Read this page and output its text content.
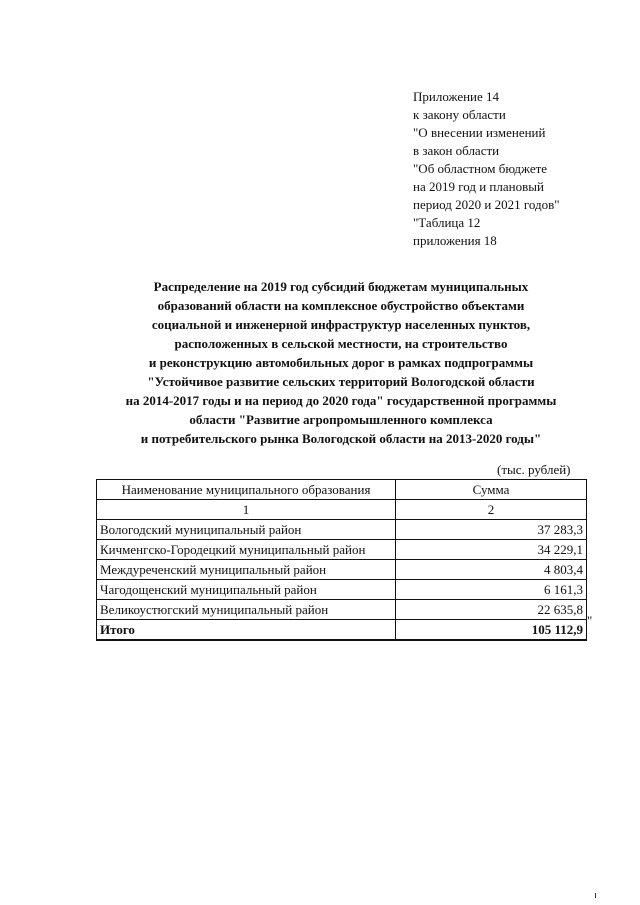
Приложение 14
к закону области
"О внесении изменений
в закон области
"Об областном бюджете
на 2019 год и плановый
период 2020 и 2021 годов"
"Таблица 12
приложения 18
Распределение на 2019 год субсидий бюджетам муниципальных
образований области на комплексное обустройство объектами
социальной и инженерной инфраструктур населенных пунктов,
расположенных в сельской местности, на строительство
и реконструкцию автомобильных дорог в рамках подпрограммы
"Устойчивое развитие сельских территорий Вологодской области
на 2014-2017 годы и на период до 2020 года" государственной программы
области "Развитие агропромышленного комплекса
и потребительского рынка Вологодской области на 2013-2020 годы"
(тыс. рублей)
Наименование муниципального образования	Сумма
1	2
Вологодский муниципальный район	37 283,3
Кичменгско-Городецкий муниципальный район	34 229,1
Междуреченский муниципальный район	4 803,4
Чагодощенский муниципальный район	6 161,3
Великоустюгский муниципальный район	22 635,8
Итого	105 112,9
"
